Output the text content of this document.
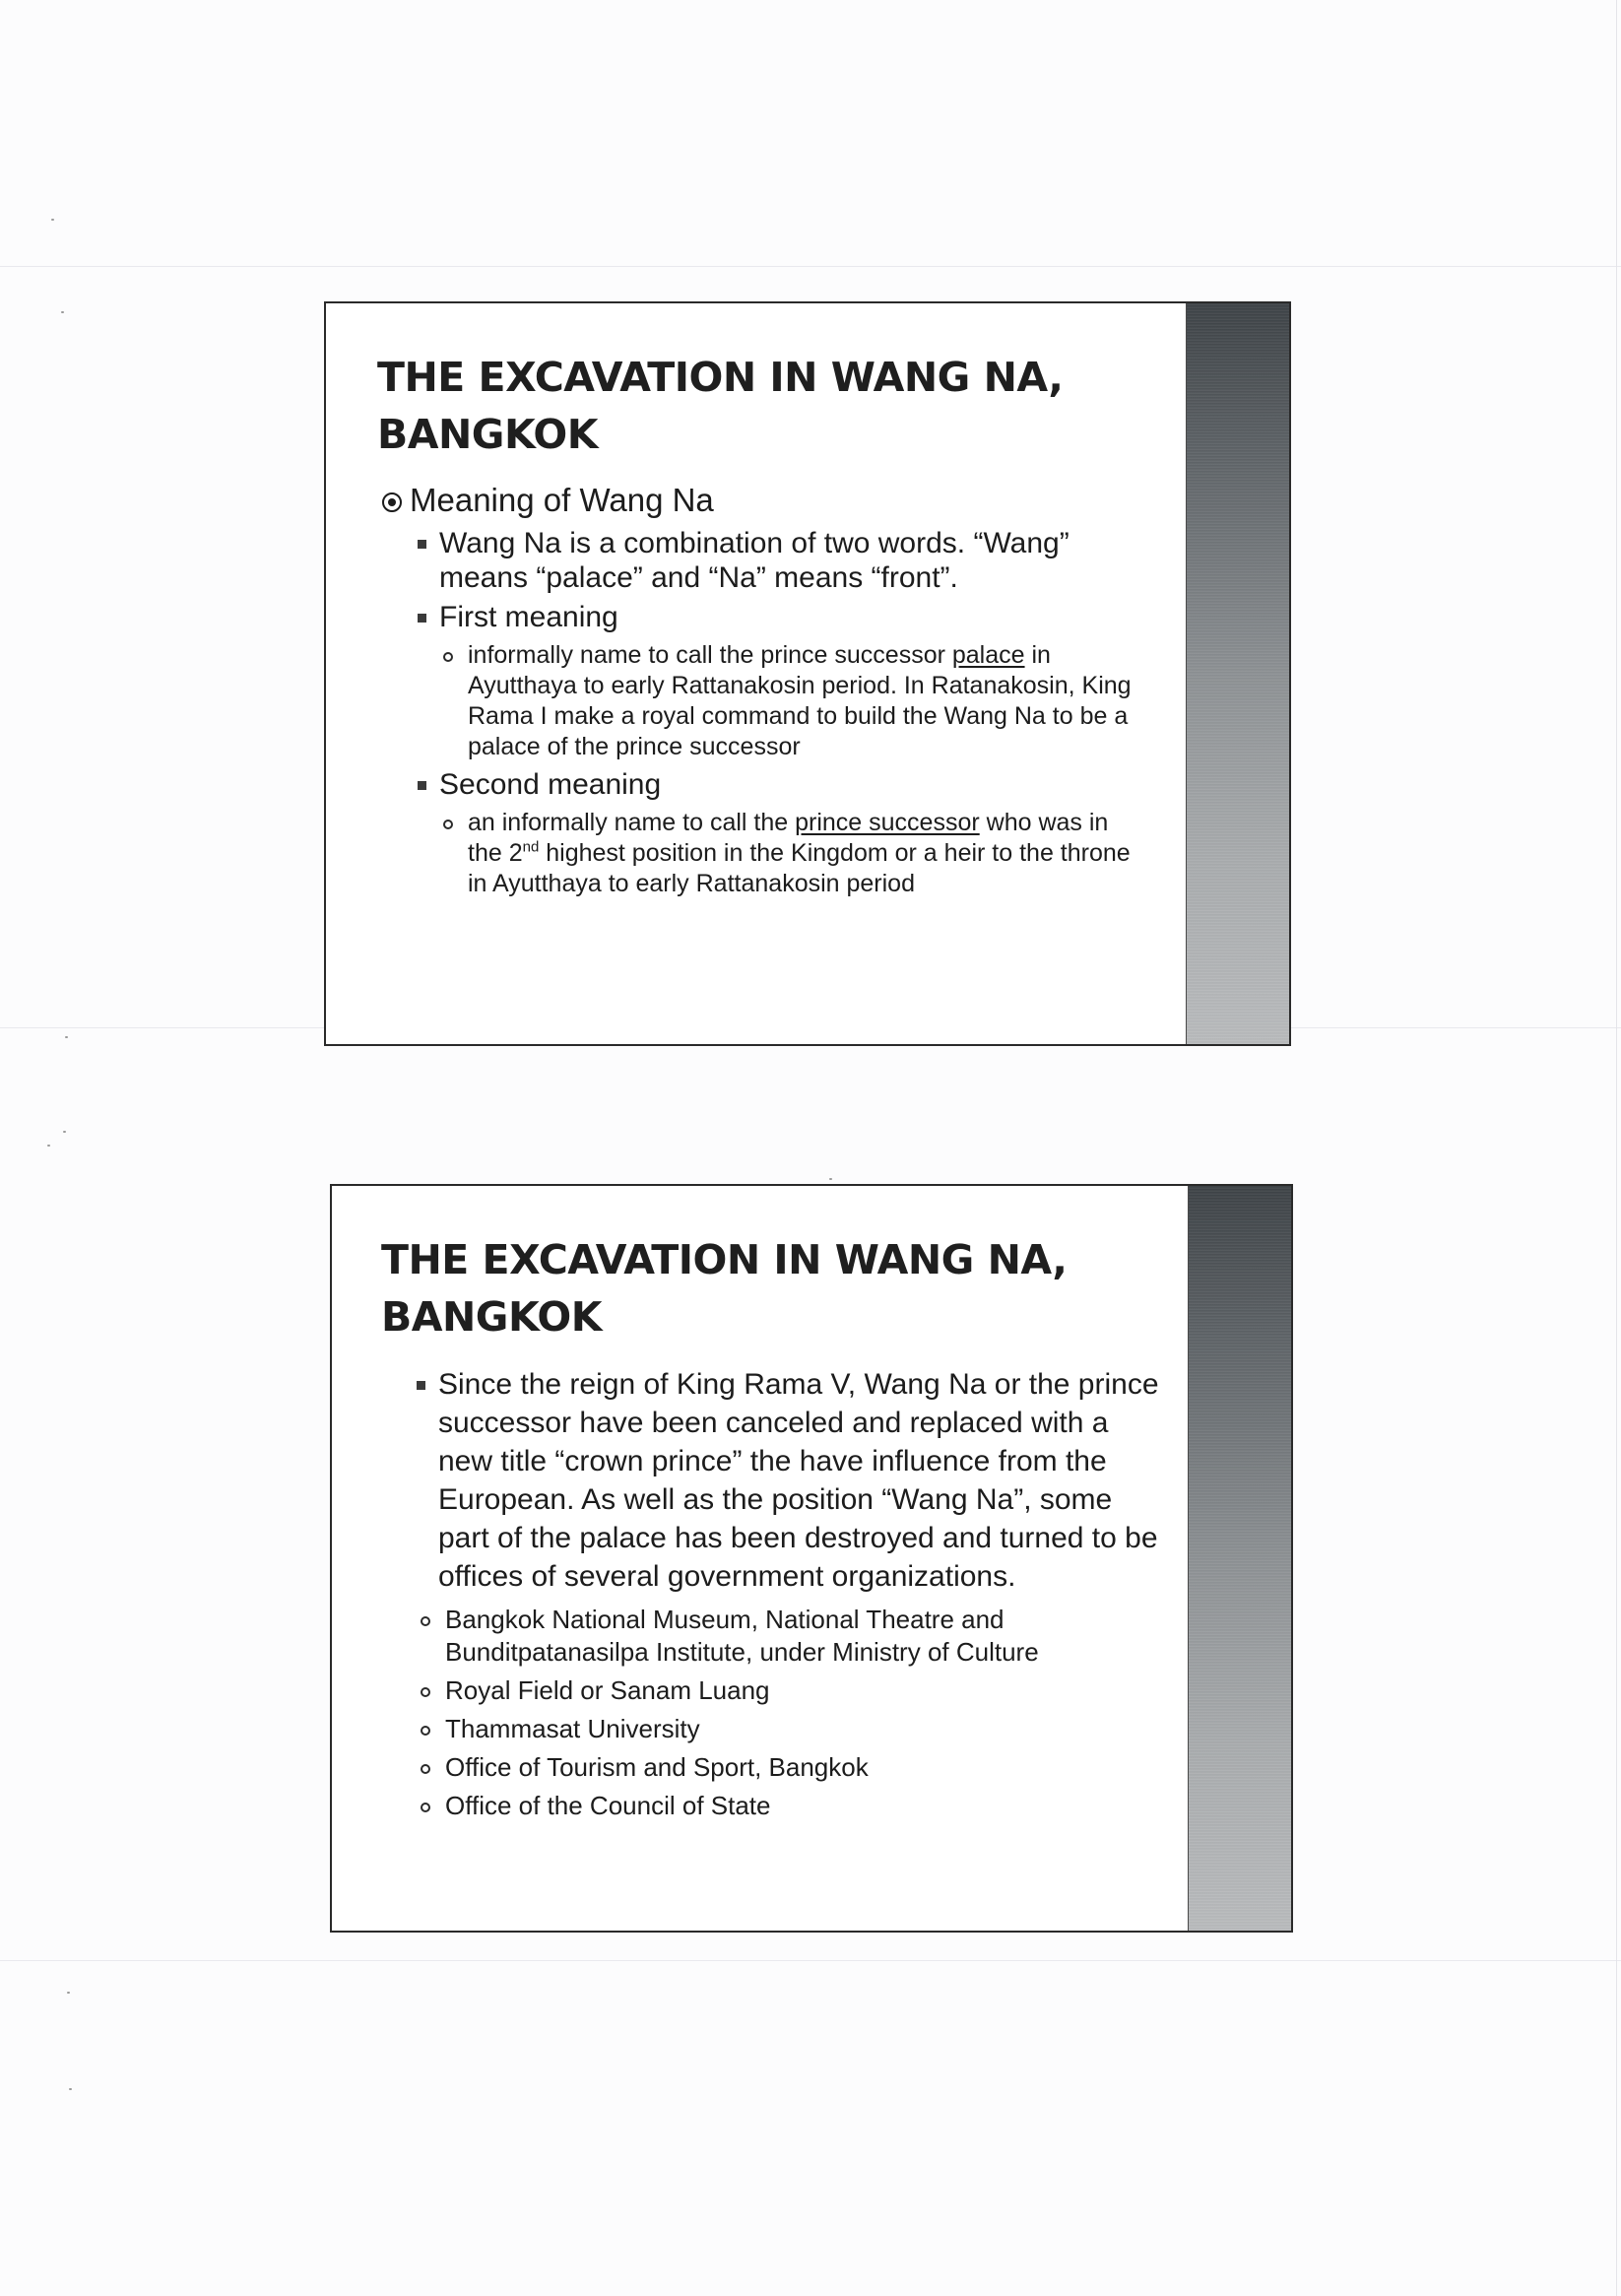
THE EXCAVATION IN WANG NA,
BANGKOK
Meaning of Wang Na
Wang Na is a combination of two words. “Wang”
means “palace” and “Na” means “front”.
First meaning
informally name to call the prince successor palace in Ayutthaya to early Rattanakosin period. In Ratanakosin, King Rama I make a royal command to build the Wang Na to be a palace of the prince successor
Second meaning
an informally name to call the prince successor who was in the 2nd highest position in the Kingdom or a heir to the throne in Ayutthaya to early Rattanakosin period
THE EXCAVATION IN WANG NA,
BANGKOK
Since the reign of King Rama V, Wang Na or the prince successor have been canceled and replaced with a new title “crown prince” the have influence from the European. As well as the position “Wang Na”, some part of the palace has been destroyed and turned to be offices of several government organizations.
Bangkok National Museum, National Theatre and Bunditpatanasilpa Institute, under Ministry of Culture
Royal Field or Sanam Luang
Thammasat University
Office of Tourism and Sport, Bangkok
Office of the Council of State
